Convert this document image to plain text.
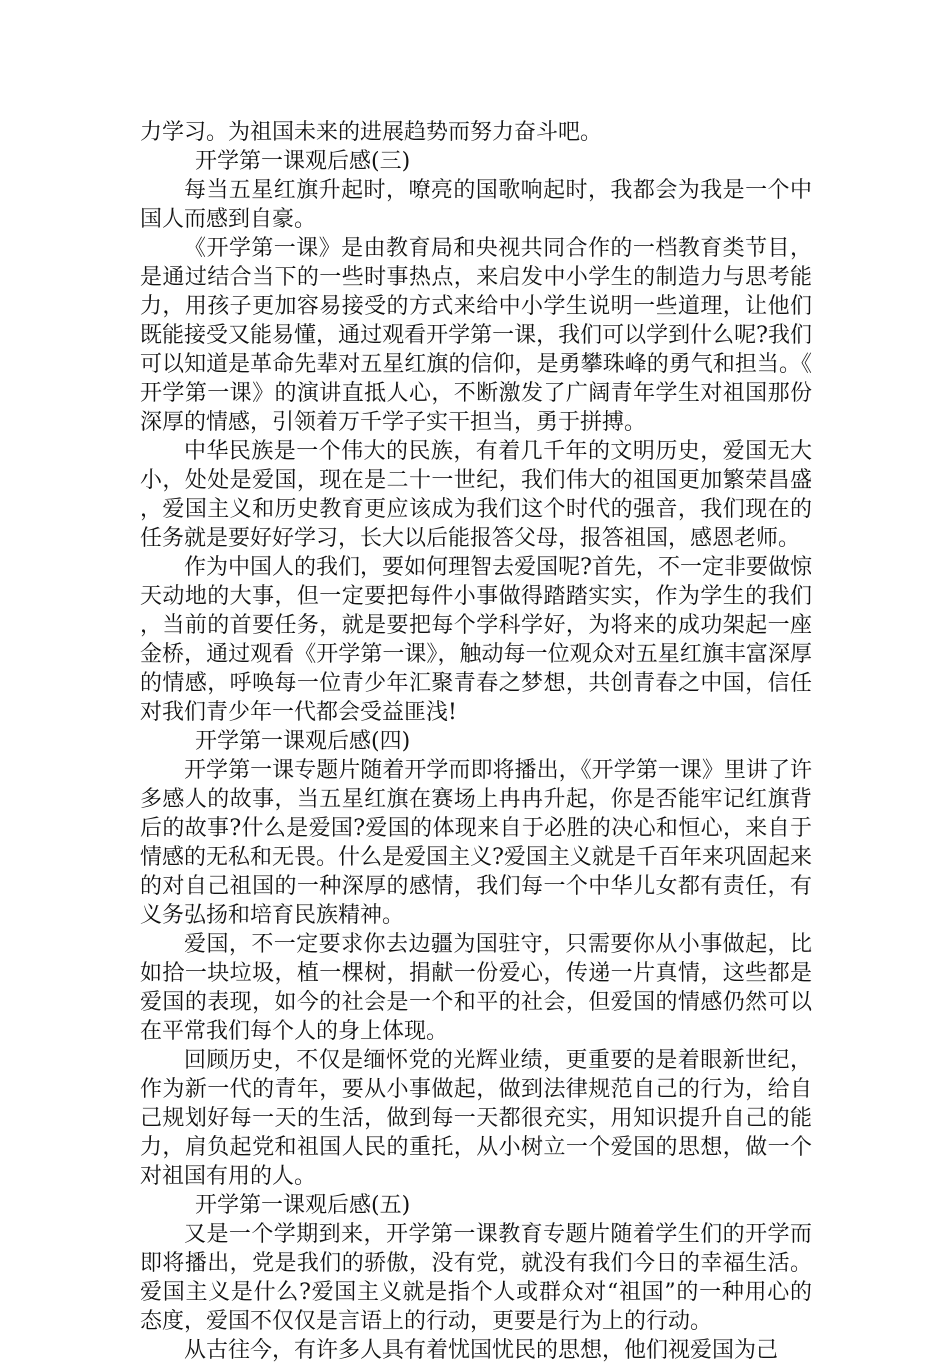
力学习。为祖国未来的进展趋势而努力奋斗吧。

开学第一课观后感(三)

每当五星红旗升起时，嘹亮的国歌响起时，我都会为我是一个中国人而感到自豪。

《开学第一课》是由教育局和央视共同合作的一档教育类节目，是通过结合当下的一些时事热点，来启发中小学生的制造力与思考能力，用孩子更加容易接受的方式来给中小学生说明一些道理，让他们既能接受又能易懂，通过观看开学第一课，我们可以学到什么呢?我们可以知道是革命先辈对五星红旗的信仰，是勇攀珠峰的勇气和担当。《开学第一课》的演讲直抵人心，不断激发了广阔青年学生对祖国那份深厚的情感，引领着万千学子实干担当，勇于拼搏。

中华民族是一个伟大的民族，有着几千年的文明历史，爱国无大小，处处是爱国，现在是二十一世纪，我们伟大的祖国更加繁荣昌盛，爱国主义和历史教育更应该成为我们这个时代的强音，我们现在的任务就是要好好学习，长大以后能报答父母，报答祖国，感恩老师。

作为中国人的我们，要如何理智去爱国呢?首先，不一定非要做惊天动地的大事，但一定要把每件小事做得踏踏实实，作为学生的我们，当前的首要任务，就是要把每个学科学好，为将来的成功架起一座金桥，通过观看《开学第一课》，触动每一位观众对五星红旗丰富深厚的情感，呼唤每一位青少年汇聚青春之梦想，共创青春之中国，信任对我们青少年一代都会受益匪浅!

开学第一课观后感(四)

开学第一课专题片随着开学而即将播出，《开学第一课》里讲了许多感人的故事，当五星红旗在赛场上冉冉升起，你是否能牢记红旗背后的故事?什么是爱国?爱国的体现来自于必胜的决心和恒心，来自于情感的无私和无畏。什么是爱国主义?爱国主义就是千百年来巩固起来的对自己祖国的一种深厚的感情，我们每一个中华儿女都有责任，有义务弘扬和培育民族精神。

爱国，不一定要求你去边疆为国驻守，只需要你从小事做起，比如拾一块垃圾，植一棵树，捐献一份爱心，传递一片真情，这些都是爱国的表现，如今的社会是一个和平的社会，但爱国的情感仍然可以在平常我们每个人的身上体现。

回顾历史，不仅是缅怀党的光辉业绩，更重要的是着眼新世纪，作为新一代的青年，要从小事做起，做到法律规范自己的行为，给自己规划好每一天的生活，做到每一天都很充实，用知识提升自己的能力，肩负起党和祖国人民的重托，从小树立一个爱国的思想，做一个对祖国有用的人。

开学第一课观后感(五)

又是一个学期到来，开学第一课教育专题片随着学生们的开学而即将播出，党是我们的骄傲，没有党，就没有我们今日的幸福生活。爱国主义是什么?爱国主义就是指个人或群众对“祖国”的一种用心的态度，爱国不仅仅是言语上的行动，更要是行为上的行动。

从古往今，有许多人具有着忧国忧民的思想，他们视爱国为己
